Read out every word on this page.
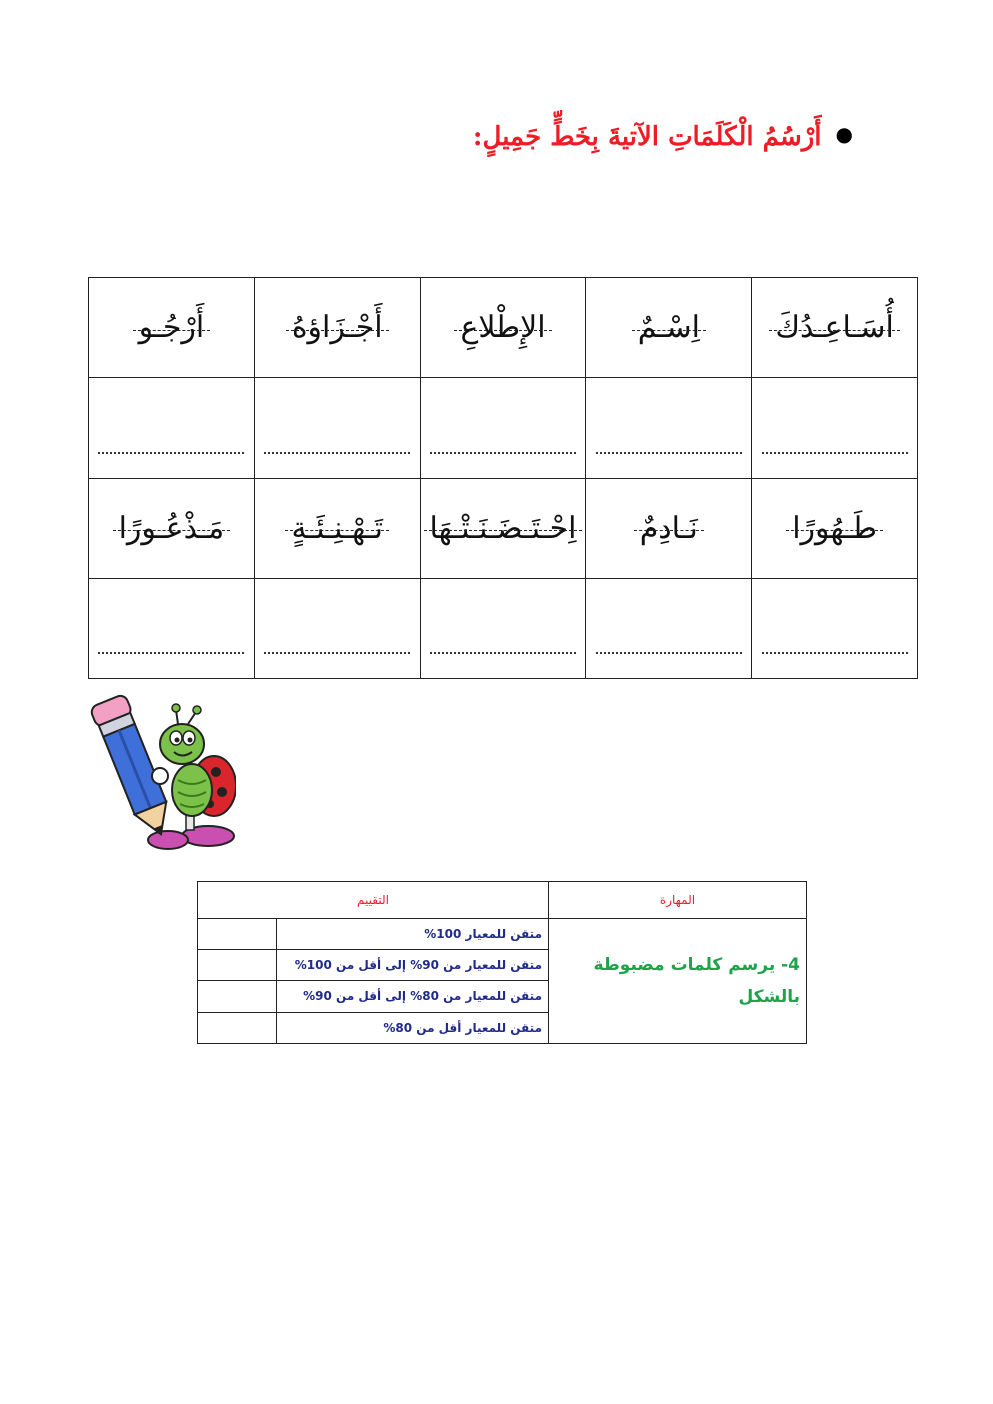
●أَرْسُمُ الْكَلَمَاتِ الآتيةَ بِخَطٍّ جَمِيلٍ:
أُسَـاعِـدُكَ	اِسْـمٌ	الإِطْلاعِ	أَجْـزَاؤهُ	أَرْجُـو

طَـهُورًا	نَـادِمٌ	اِحْـتَـضَـنَـتْـهَا	تَـهْـنِـئَـةٍ	مَـذْعُـورًا

المهارة	التقييم	
4- يرسم كلمات مضبوطة بالشكل	متقن للمعيار 100%	
	متقن للمعيار من 90% إلى أقل من 100%	
	متقن للمعيار من 80% إلى أقل من 90%	
	متقن للمعيار أقل من 80%	
